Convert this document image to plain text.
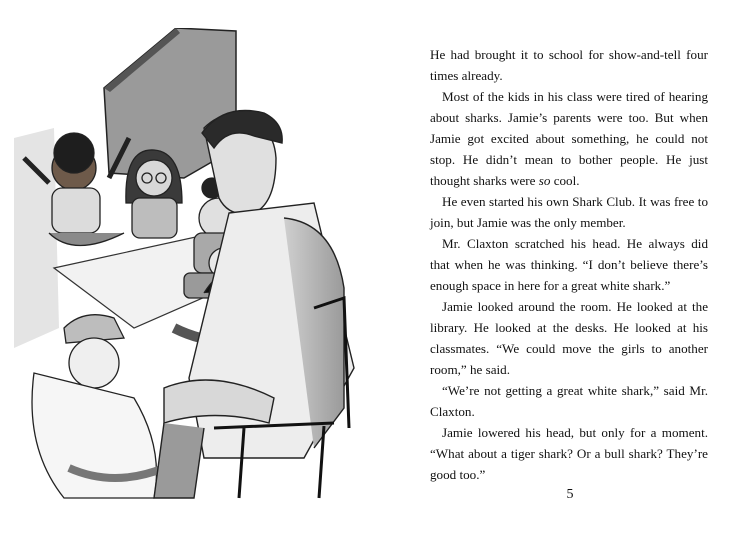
He had brought it to school for show-and-tell four times already.

Most of the kids in his class were tired of hearing about sharks. Jamie’s parents were too. But when Jamie got excited about something, he could not stop. He didn’t mean to bother people. He just thought sharks were so cool.

He even started his own Shark Club. It was free to join, but Jamie was the only member.

Mr. Claxton scratched his head. He always did that when he was thinking. “I don’t believe there’s enough space in here for a great white shark.”

Jamie looked around the room. He looked at the library. He looked at the desks. He looked at his classmates. “We could move the girls to another room,” he said.

“We’re not getting a great white shark,” said Mr. Claxton.

Jamie lowered his head, but only for a moment. “What about a tiger shark? Or a bull shark? They’re good too.”

5
